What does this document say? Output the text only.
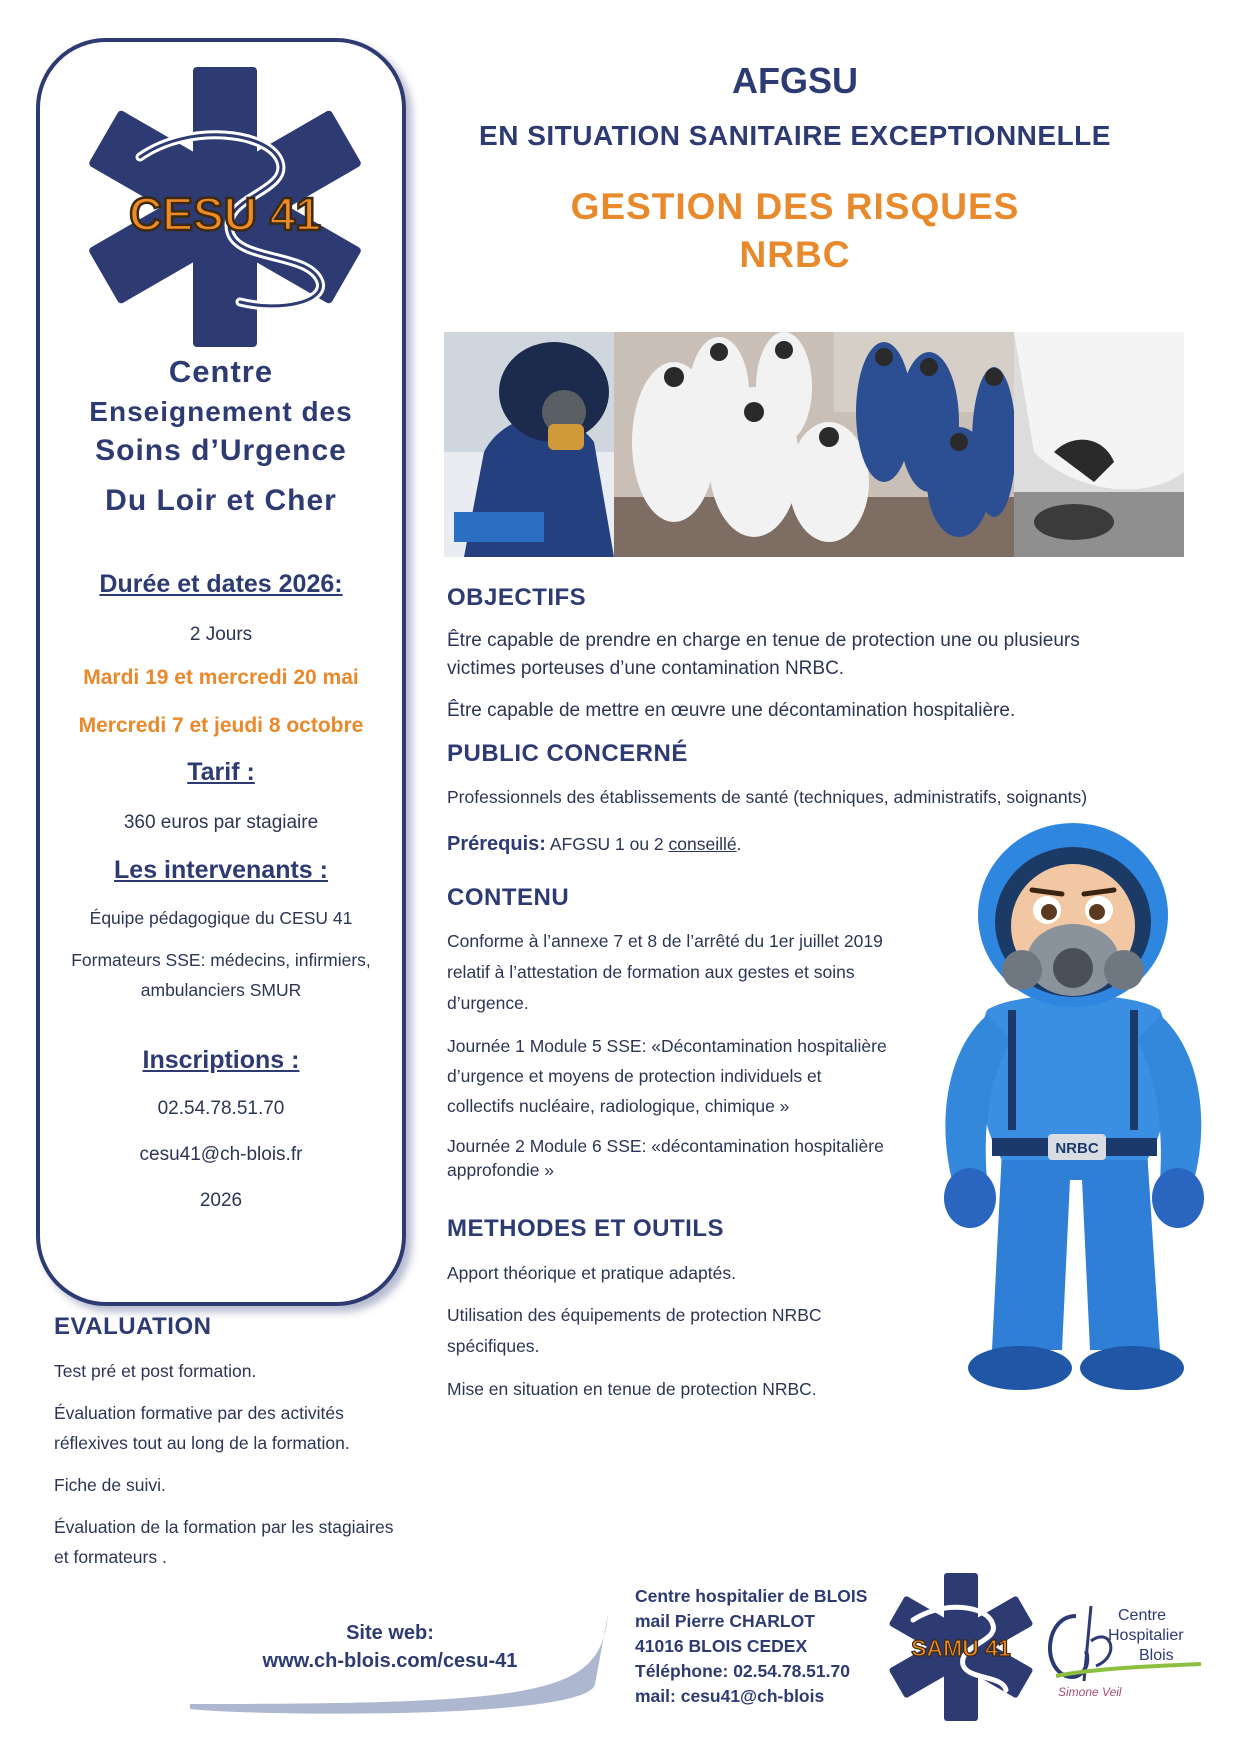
CESU 41
Centre
Enseignement des
Soins d’Urgence
Du Loir et Cher
Durée et dates 2026:
2 Jours
Mardi 19 et mercredi 20 mai
Mercredi 7 et jeudi 8 octobre
Tarif :
360 euros par stagiaire
Les intervenants :
Équipe pédagogique du CESU 41
Formateurs SSE: médecins, infirmiers,
ambulanciers SMUR
Inscriptions :
02.54.78.51.70
cesu41@ch-blois.fr
2026
AFGSU
EN SITUATION SANITAIRE EXCEPTIONNELLE
GESTION DES RISQUES
NRBC
OBJECTIFS
Être capable de prendre en charge en tenue de protection une ou plusieurs
victimes porteuses d’une contamination NRBC.
Être capable de mettre en œuvre une décontamination hospitalière.
PUBLIC CONCERNÉ
Professionnels des établissements de santé (techniques, administratifs, soignants)
Prérequis: AFGSU 1 ou 2 conseillé.
CONTENU
Conforme à l’annexe 7 et 8 de l’arrêté du 1er juillet 2019
relatif à l’attestation de formation aux gestes et soins
d’urgence.
Journée 1 Module 5 SSE: «Décontamination hospitalière
d’urgence et moyens de protection individuels et
collectifs nucléaire, radiologique, chimique »
Journée 2 Module 6 SSE: «décontamination hospitalière
approfondie »
METHODES ET OUTILS
Apport théorique et pratique adaptés.
Utilisation des équipements de protection NRBC
spécifiques.
Mise en situation en tenue de protection NRBC.
NRBC
EVALUATION
Test pré et post formation.
Évaluation formative par des activités
réflexives tout au long de la formation.
Fiche de suivi.
Évaluation de la formation par les stagiaires
et formateurs .
Site web:
www.ch-blois.com/cesu-41
Centre hospitalier de BLOIS
mail Pierre CHARLOT
41016 BLOIS CEDEX
Téléphone: 02.54.78.51.70
mail: cesu41@ch-blois
SAMU 41
Centre
Hospitalier
Blois
Simone Veil
